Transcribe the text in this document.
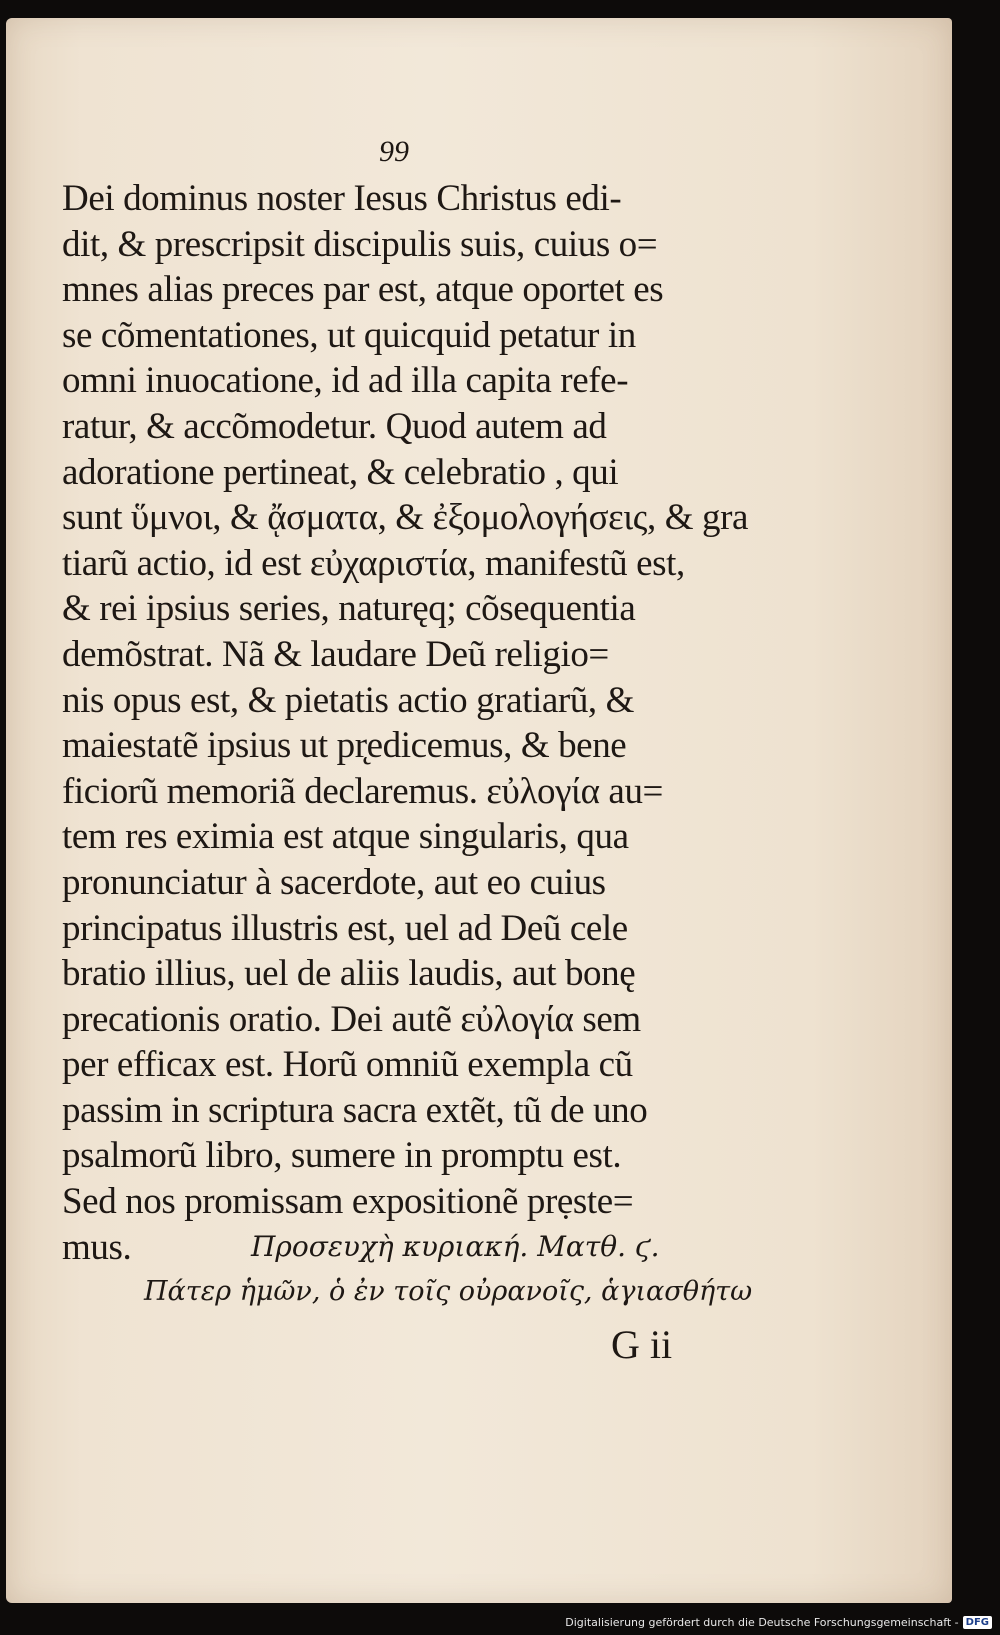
99
Dei dominus noster Iesus Christus edi-
dit, & prescripsit discipulis suis, cuius o=
mnes alias preces par est, atque oportet es
se cõmentationes, ut quicquid petatur in
omni inuocatione, id ad illa capita refe-
ratur, & accõmodetur. Quod autem ad
adoratione pertineat, & celebratio , qui
sunt ὕμνοι, & ᾄσματα, & ἐξομολογήσεις, & gra
tiarũ actio, id est εὐχαριστία, manifestũ est,
& rei ipsius series, naturęq; cõsequentia
demõstrat. Nã & laudare Deũ religio=
nis opus est, & pietatis actio gratiarũ, &
maiestatẽ ipsius ut pr̨edicemus, & bene
ficiorũ memoriã declaremus. εὐλογία au=
tem res eximia est atque singularis, qua
pronunciatur à sacerdote, aut eo cuius
principatus illustris est, uel ad Deũ cele
bratio illius, uel de aliis laudis, aut bonę
precationis oratio. Dei autẽ εὐλογία sem
per efficax est. Horũ omniũ exempla cũ
passim in scriptura sacra extẽt, tũ de uno
psalmorũ libro, sumere in promptu est.
Sed nos promissam expositionẽ prẹste=
mus.	Προσευχὴ κυριακή. Ματθ. ϛ.
Πάτερ ἡμῶν, ὁ ἐν τοῖς οὐρανοῖς, ἁγιασθήτω
G ii
Digitalisierung gefördert durch die Deutsche Forschungsgemeinschaft - DFG
